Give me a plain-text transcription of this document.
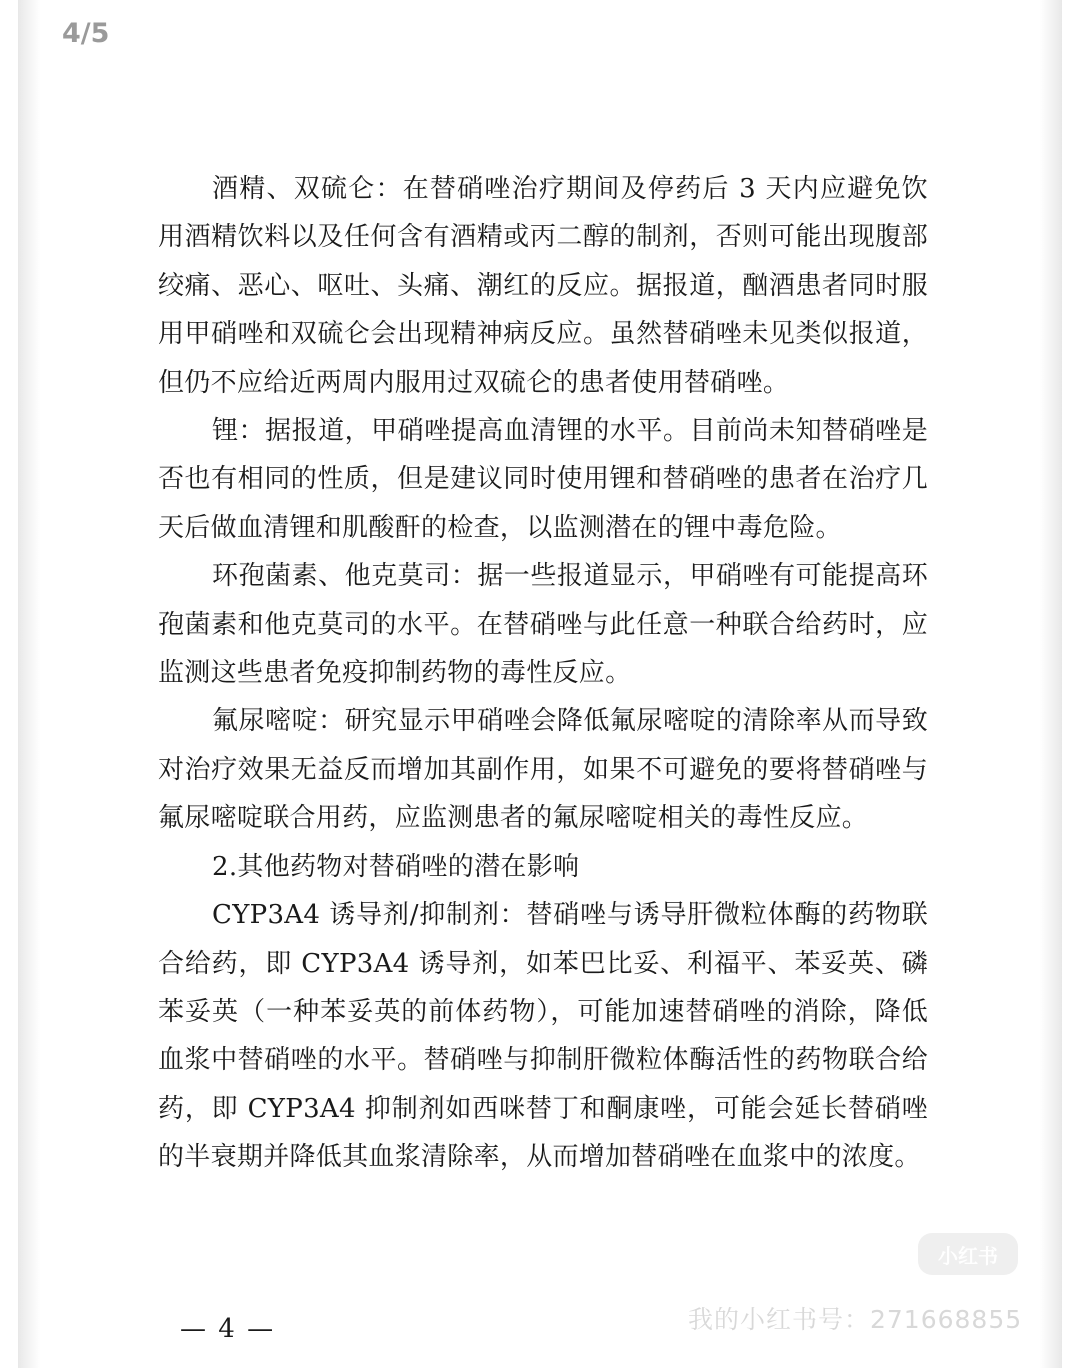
4/5

酒精、双硫仑：在替硝唑治疗期间及停药后 3 天内应避免饮用酒精饮料以及任何含有酒精或丙二醇的制剂，否则可能出现腹部绞痛、恶心、呕吐、头痛、潮红的反应。据报道，酗酒患者同时服用甲硝唑和双硫仑会出现精神病反应。虽然替硝唑未见类似报道，但仍不应给近两周内服用过双硫仑的患者使用替硝唑。

锂：据报道，甲硝唑提高血清锂的水平。目前尚未知替硝唑是否也有相同的性质，但是建议同时使用锂和替硝唑的患者在治疗几天后做血清锂和肌酸酐的检查，以监测潜在的锂中毒危险。

环孢菌素、他克莫司：据一些报道显示，甲硝唑有可能提高环孢菌素和他克莫司的水平。在替硝唑与此任意一种联合给药时，应监测这些患者免疫抑制药物的毒性反应。

氟尿嘧啶：研究显示甲硝唑会降低氟尿嘧啶的清除率从而导致对治疗效果无益反而增加其副作用，如果不可避免的要将替硝唑与氟尿嘧啶联合用药，应监测患者的氟尿嘧啶相关的毒性反应。

2.其他药物对替硝唑的潜在影响

CYP3A4 诱导剂/抑制剂：替硝唑与诱导肝微粒体酶的药物联合给药，即 CYP3A4 诱导剂，如苯巴比妥、利福平、苯妥英、磷苯妥英（一种苯妥英的前体药物），可能加速替硝唑的消除，降低血浆中替硝唑的水平。替硝唑与抑制肝微粒体酶活性的药物联合给药，即 CYP3A4 抑制剂如西咪替丁和酮康唑，可能会延长替硝唑的半衰期并降低其血浆清除率，从而增加替硝唑在血浆中的浓度。

小红书
我的小红书号：271668855
— 4 —
